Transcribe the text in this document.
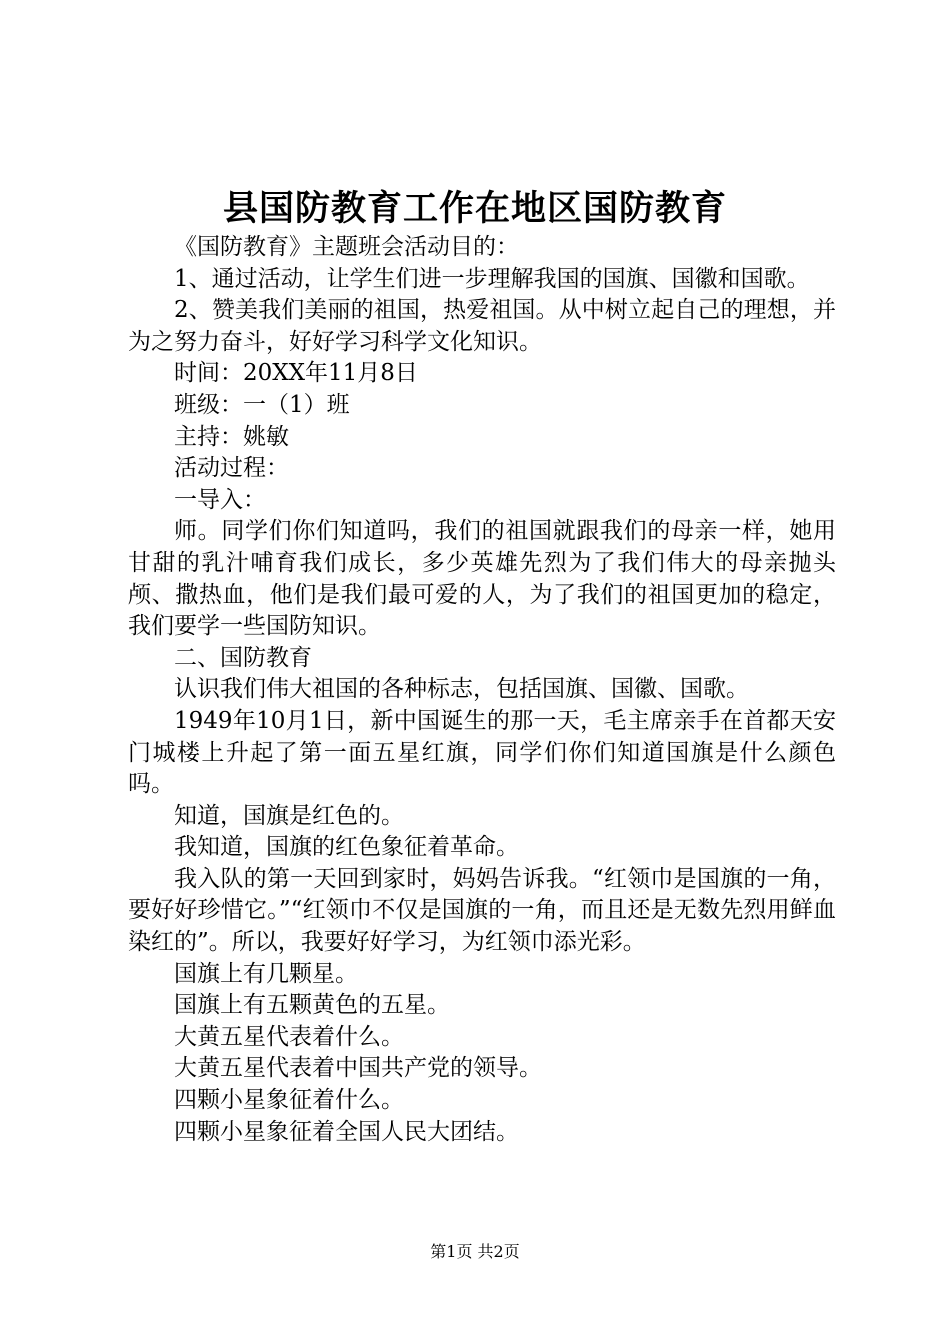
县国防教育工作在地区国防教育

《国防教育》主题班会活动目的：

1、通过活动，让学生们进一步理解我国的国旗、国徽和国歌。

2、赞美我们美丽的祖国，热爱祖国。从中树立起自己的理想，并为之努力奋斗，好好学习科学文化知识。

时间：20XX年11月8日

班级：一（1）班

主持：姚敏

活动过程：

一导入：

师。同学们你们知道吗，我们的祖国就跟我们的母亲一样，她用甘甜的乳汁哺育我们成长，多少英雄先烈为了我们伟大的母亲抛头颅、撒热血，他们是我们最可爱的人，为了我们的祖国更加的稳定，我们要学一些国防知识。

二、国防教育

认识我们伟大祖国的各种标志，包括国旗、国徽、国歌。

1949年10月1日，新中国诞生的那一天，毛主席亲手在首都天安门城楼上升起了第一面五星红旗，同学们你们知道国旗是什么颜色吗。

知道，国旗是红色的。

我知道，国旗的红色象征着革命。

我入队的第一天回到家时，妈妈告诉我。“红领巾是国旗的一角，要好好珍惜它。”“红领巾不仅是国旗的一角，而且还是无数先烈用鲜血染红的”。所以，我要好好学习，为红领巾添光彩。

国旗上有几颗星。

国旗上有五颗黄色的五星。

大黄五星代表着什么。

大黄五星代表着中国共产党的领导。

四颗小星象征着什么。

四颗小星象征着全国人民大团结。

第1页 共2页
